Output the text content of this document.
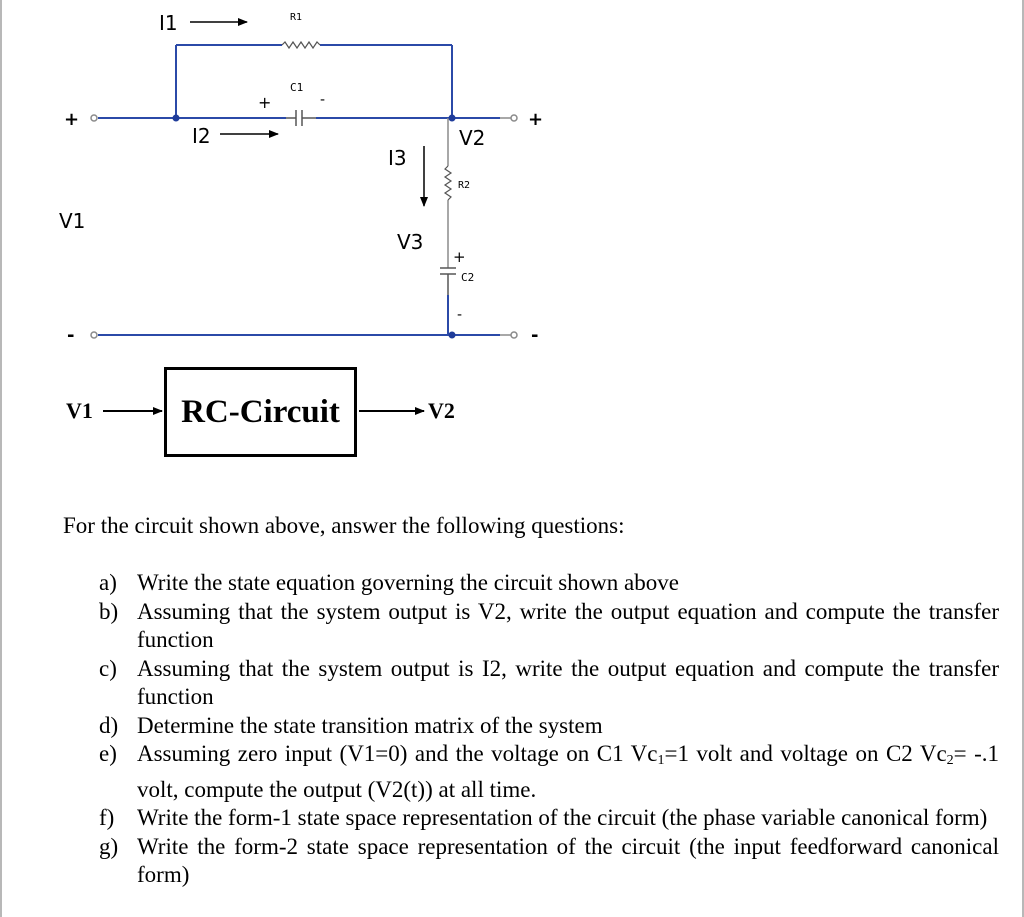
I1	R1
C1
+	-
I2
I3
V2
R2
V1
V3
+
C2
-
+	+
-	-
V1	RC-Circuit	V2
For the circuit shown above, answer the following questions:
a) Write the state equation governing the circuit shown above
b) Assuming that the system output is V2, write the output equation and compute the transfer function
c) Assuming that the system output is I2, write the output equation and compute the transfer function
d) Determine the state transition matrix of the system
e) Assuming zero input (V1=0) and the voltage on C1 $Vc_1=1$ volt and voltage on C2 $Vc_2= -.1$ volt, compute the output (V2(t)) at all time.
f) Write the form-1 state space representation of the circuit (the phase variable canonical form)
g) Write the form-2 state space representation of the circuit (the input feedforward canonical form)
